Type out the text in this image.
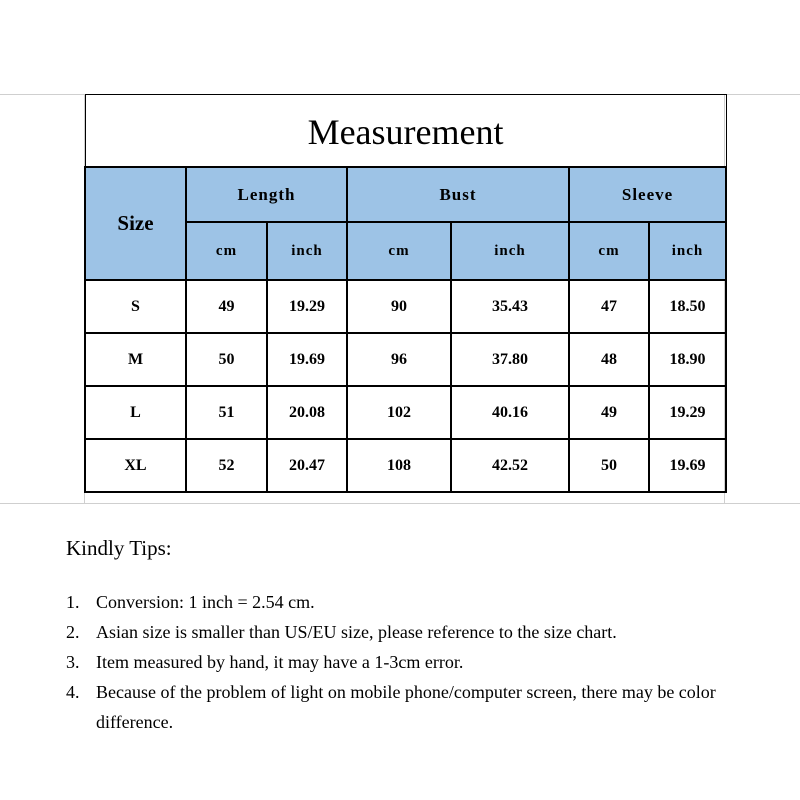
Measurement						
Size	Length		Bust		Sleeve	
	cm	inch	cm	inch	cm	inch
S	49	19.29	90	35.43	47	18.50
M	50	19.69	96	37.80	48	18.90
L	51	20.08	102	40.16	49	19.29
XL	52	20.47	108	42.52	50	19.69
Kindly Tips:
1. Conversion: 1 inch = 2.54 cm.
2. Asian size is smaller than US/EU size, please reference to the size chart.
3. Item measured by hand, it may have a 1-3cm error.
4. Because of the problem of light on mobile phone/computer screen, there may be color difference.
